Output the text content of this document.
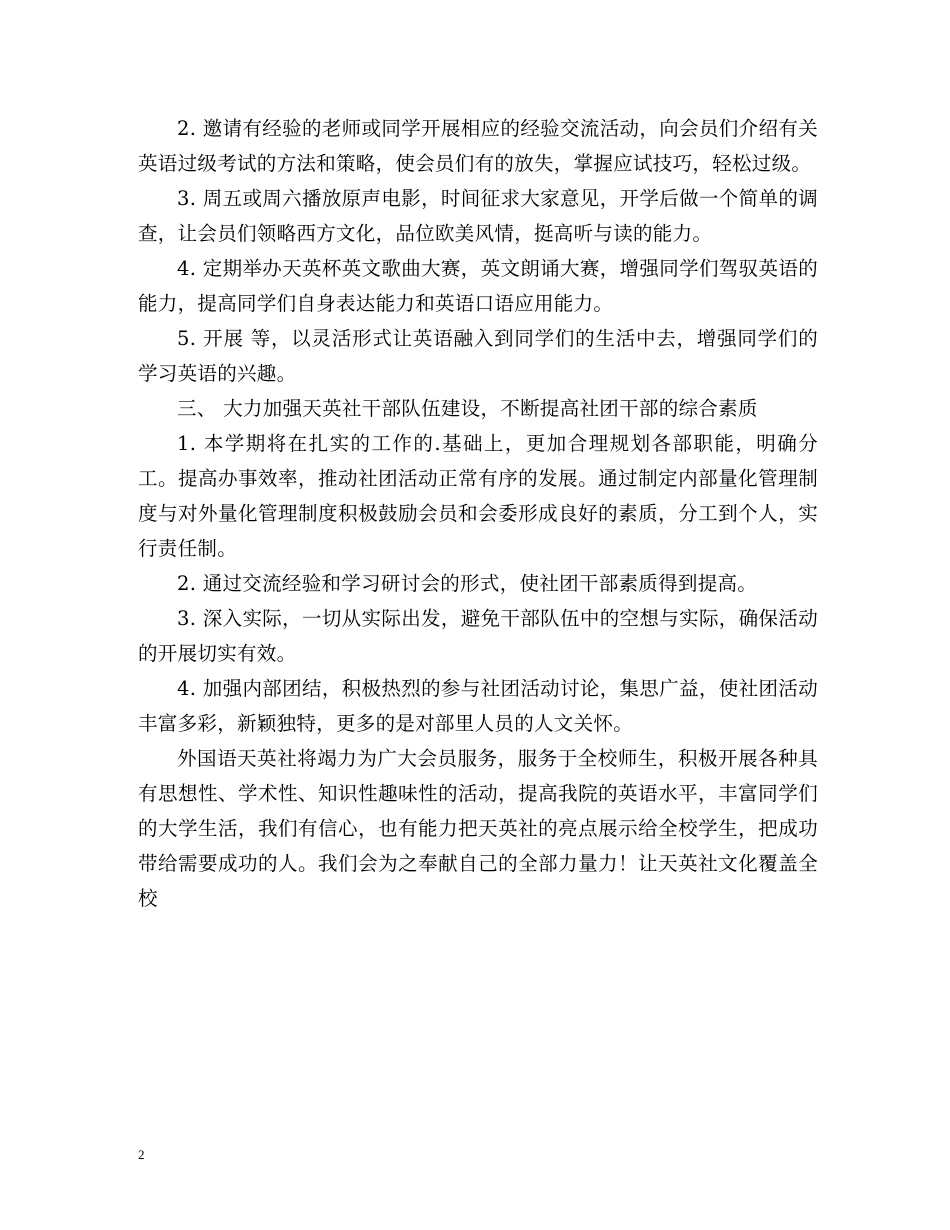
2. 邀请有经验的老师或同学开展相应的经验交流活动，向会员们介绍有关英语过级考试的方法和策略，使会员们有的放失，掌握应试技巧，轻松过级。

3. 周五或周六播放原声电影，时间征求大家意见，开学后做一个简单的调查，让会员们领略西方文化，品位欧美风情，挺高听与读的能力。

4. 定期举办天英杯英文歌曲大赛，英文朗诵大赛，增强同学们驾驭英语的能力，提高同学们自身表达能力和英语口语应用能力。

5. 开展 等，以灵活形式让英语融入到同学们的生活中去，增强同学们的学习英语的兴趣。

三、 大力加强天英社干部队伍建设，不断提高社团干部的综合素质

1. 本学期将在扎实的工作的.基础上，更加合理规划各部职能，明确分工。提高办事效率，推动社团活动正常有序的发展。通过制定内部量化管理制度与对外量化管理制度积极鼓励会员和会委形成良好的素质，分工到个人，实行责任制。

2. 通过交流经验和学习研讨会的形式，使社团干部素质得到提高。

3. 深入实际，一切从实际出发，避免干部队伍中的空想与实际，确保活动的开展切实有效。

4. 加强内部团结，积极热烈的参与社团活动讨论，集思广益，使社团活动丰富多彩，新颖独特，更多的是对部里人员的人文关怀。

外国语天英社将竭力为广大会员服务，服务于全校师生，积极开展各种具有思想性、学术性、知识性趣味性的活动，提高我院的英语水平，丰富同学们的大学生活，我们有信心，也有能力把天英社的亮点展示给全校学生，把成功带给需要成功的人。我们会为之奉献自己的全部力量力！让天英社文化覆盖全校

2
